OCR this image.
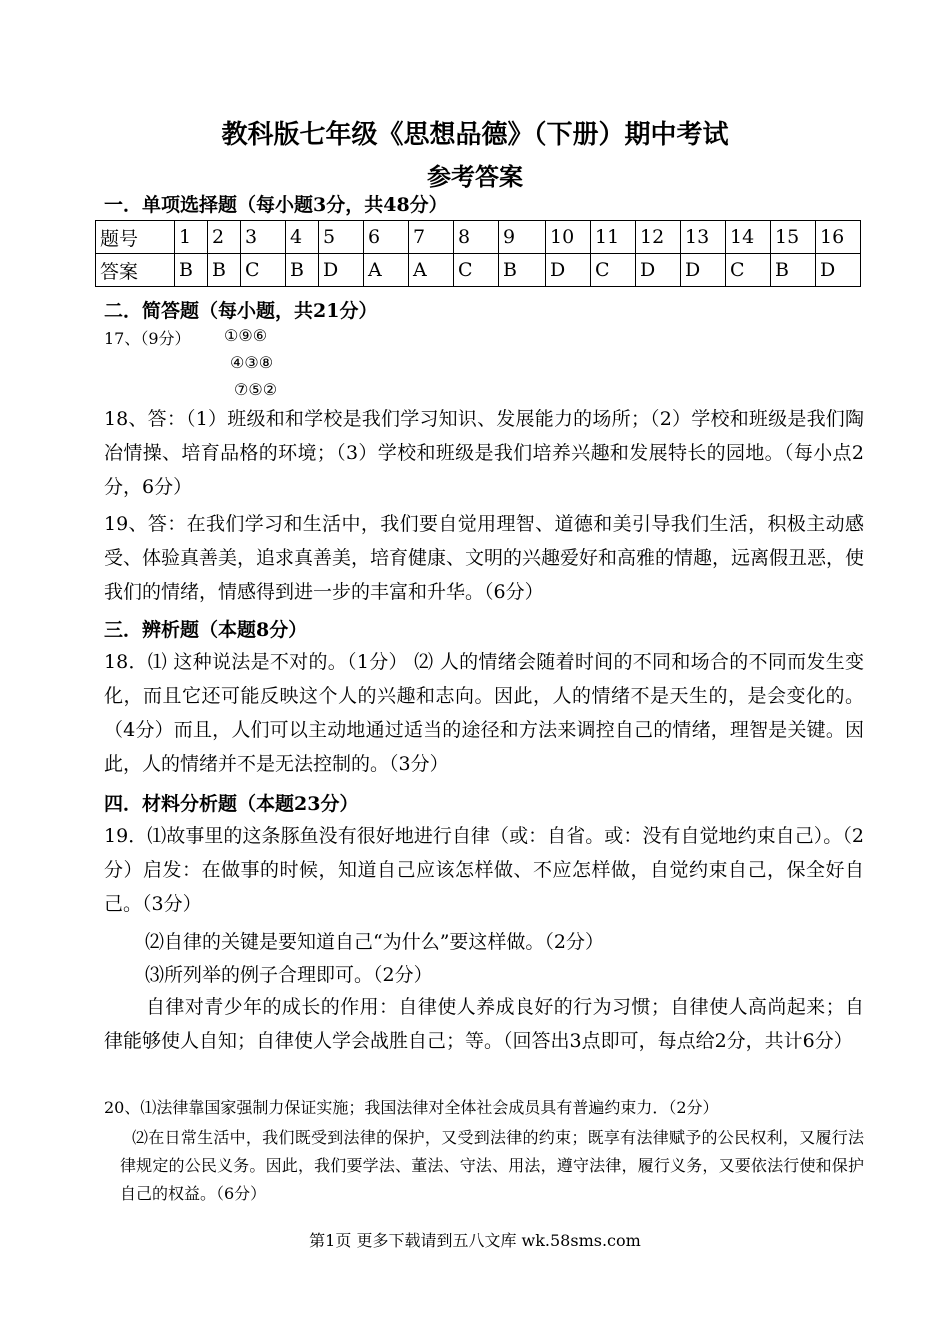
教科版七年级《思想品德》（下册）期中考试
参考答案
一．单项选择题（每小题3分，共48分）
题号	1	2	3	4	5	6	7	8	9	10	11	12	13	14	15	16
答案	B	B	C	B	D	A	A	C	B	D	C	D	D	C	B	D
二．简答题（每小题，共21分）
17、（9分） ①⑨⑥
④③⑧
⑦⑤②
18、答：（1）班级和和学校是我们学习知识、发展能力的场所；（2）学校和班级是我们陶冶情操、培育品格的环境；（3）学校和班级是我们培养兴趣和发展特长的园地。（每小点2分，6分）
19、答：在我们学习和生活中，我们要自觉用理智、道德和美引导我们生活，积极主动感受、体验真善美，追求真善美，培育健康、文明的兴趣爱好和高雅的情趣，远离假丑恶，使我们的情绪，情感得到进一步的丰富和升华。（6分）
三．辨析题（本题8分）
18．⑴ 这种说法是不对的。（1分） ⑵ 人的情绪会随着时间的不同和场合的不同而发生变化，而且它还可能反映这个人的兴趣和志向。因此，人的情绪不是天生的，是会变化的。（4分）而且，人们可以主动地通过适当的途径和方法来调控自己的情绪，理智是关键。因此，人的情绪并不是无法控制的。（3分）
四．材料分析题（本题23分）
19．⑴故事里的这条豚鱼没有很好地进行自律（或：自省。或：没有自觉地约束自己）。（2分）启发：在做事的时候，知道自己应该怎样做、不应怎样做，自觉约束自己，保全好自己。（3分）
⑵自律的关键是要知道自己“为什么”要这样做。（2分）
⑶所列举的例子合理即可。（2分）
自律对青少年的成长的作用：自律使人养成良好的行为习惯；自律使人高尚起来；自律能够使人自知；自律使人学会战胜自己；等。（回答出3点即可，每点给2分，共计6分）
20、⑴法律靠国家强制力保证实施；我国法律对全体社会成员具有普遍约束力．（2分）
⑵在日常生活中，我们既受到法律的保护，又受到法律的约束；既享有法律赋予的公民权利，又履行法律规定的公民义务。因此，我们要学法、董法、守法、用法，遵守法律，履行义务，又要依法行使和保护自己的权益。（6分）
第1页 更多下载请到五八文库 wk.58sms.com
